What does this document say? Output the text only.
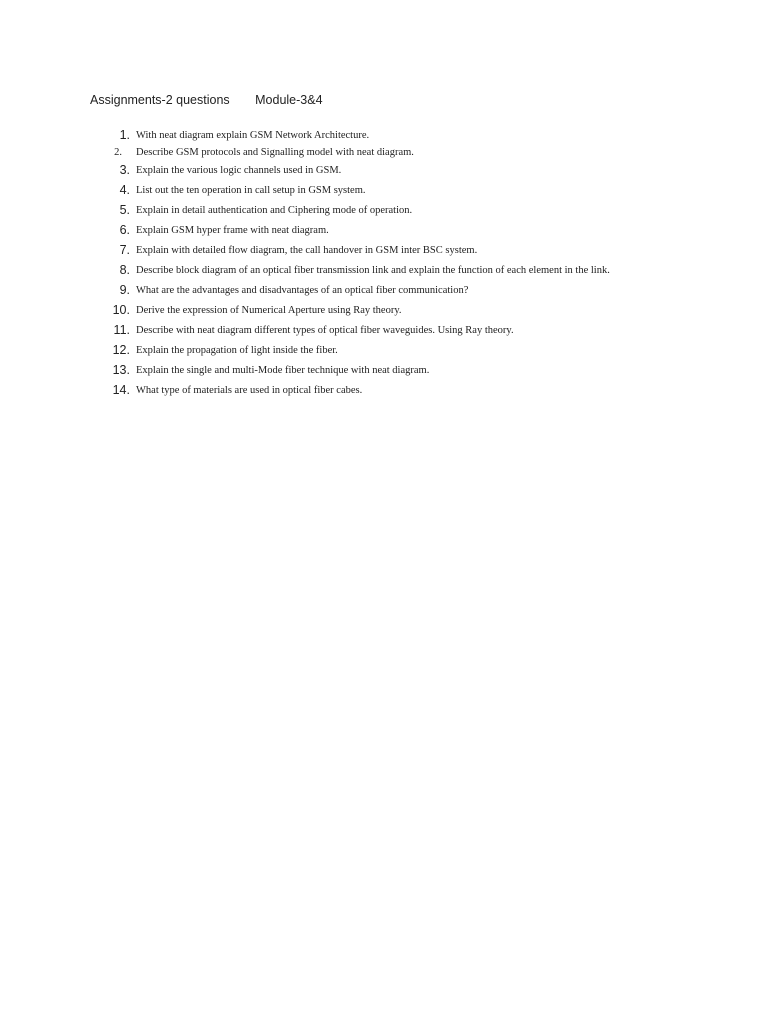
Assignments-2 questions Module-3&4
1. With neat diagram explain GSM Network Architecture.
2. Describe GSM protocols and Signalling model with neat diagram.
3. Explain the various logic channels used in GSM.
4. List out the ten operation in call setup in GSM system.
5. Explain in detail authentication and Ciphering mode of operation.
6. Explain GSM hyper frame with neat diagram.
7. Explain with detailed flow diagram, the call handover in GSM inter BSC system.
8. Describe block diagram of an optical fiber transmission link and explain the function of each element in the link.
9. What are the advantages and disadvantages of an optical fiber communication?
10. Derive the expression of Numerical Aperture using Ray theory.
11. Describe with neat diagram different types of optical fiber waveguides. Using Ray theory.
12. Explain the propagation of light inside the fiber.
13. Explain the single and multi-Mode fiber technique with neat diagram.
14. What type of materials are used in optical fiber cabes.
